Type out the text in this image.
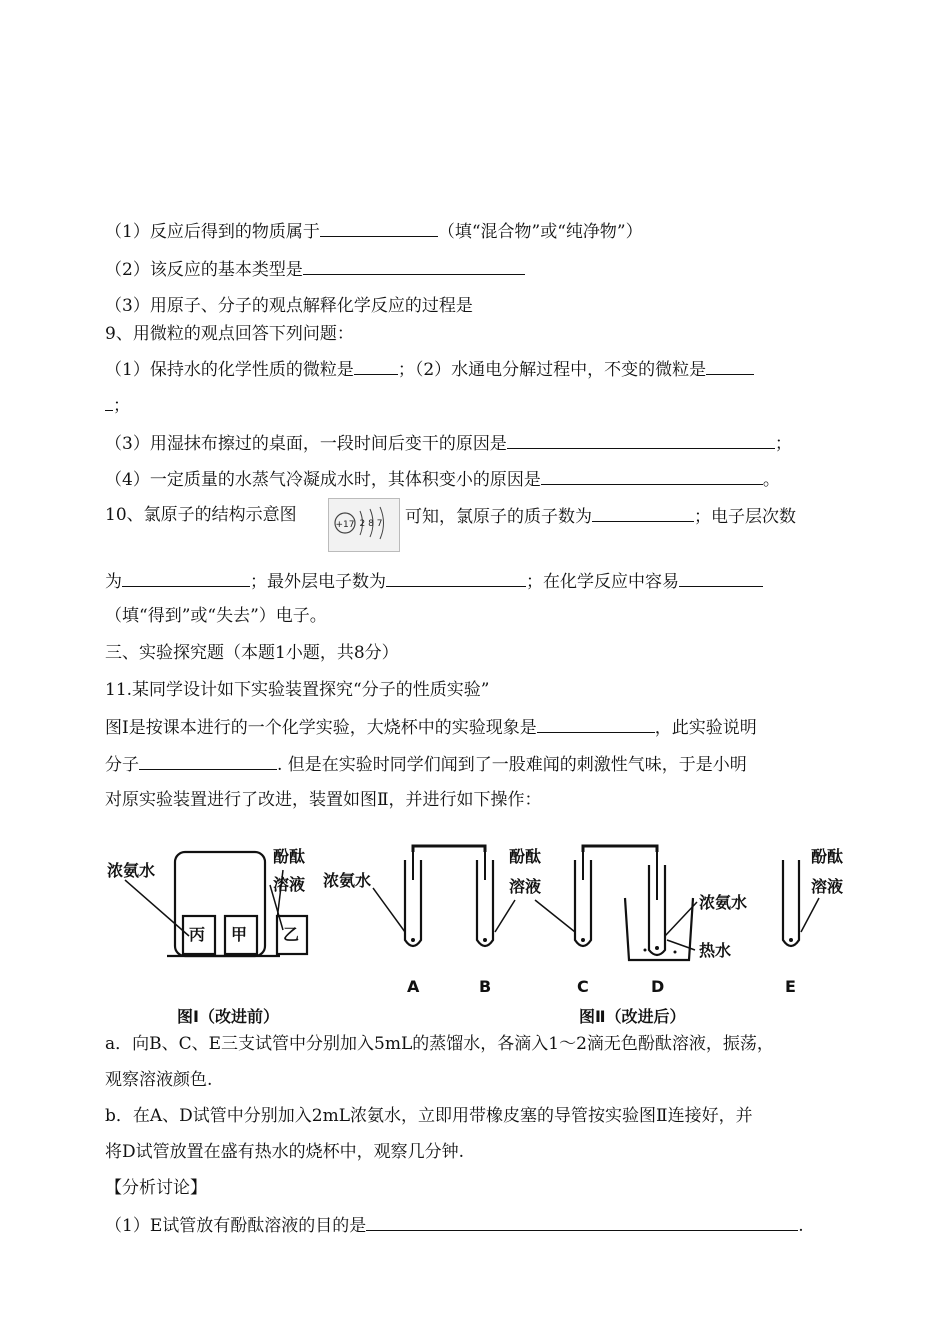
（1）反应后得到的物质属于	（填“混合物”或“纯净物”）
（2）该反应的基本类型是
（3）用原子、分子的观点解释化学反应的过程是
9、用微粒的观点回答下列问题：
（1）保持水的化学性质的微粒是	；（2）水通电分解过程中，不变的微粒是
；
（3）用湿抹布擦过的桌面，一段时间后变干的原因是	；
（4）一定质量的水蒸气冷凝成水时，其体积变小的原因是	。
10、氯原子的结构示意图	+17 2 8 7 可知，氯原子的质子数为	；电子层次数
为	；最外层电子数为	；在化学反应中容易
（填“得到”或“失去”）电子。
三、实验探究题（本题1小题，共8分）
11.某同学设计如下实验装置探究“分子的性质实验”
图Ⅰ是按课本进行的一个化学实验，大烧杯中的实验现象是	，此实验说明
分子	. 但是在实验时同学们闻到了一股难闻的刺激性气味，于是小明
对原实验装置进行了改进，装置如图Ⅱ，并进行如下操作：
浓氨水
酚酞
溶液
丙 甲 乙
浓氨水
酚酞
溶液
浓氨水
热水
酚酞
溶液
A	B	C	D	E
图Ⅰ（改进前）	图Ⅱ（改进后）
a．向B、C、E三支试管中分别加入5mL的蒸馏水，各滴入1～2滴无色酚酞溶液，振荡，
观察溶液颜色.
b．在A、D试管中分别加入2mL浓氨水，立即用带橡皮塞的导管按实验图Ⅱ连接好，并
将D试管放置在盛有热水的烧杯中，观察几分钟.
【分析讨论】
（1）E试管放有酚酞溶液的目的是	.
